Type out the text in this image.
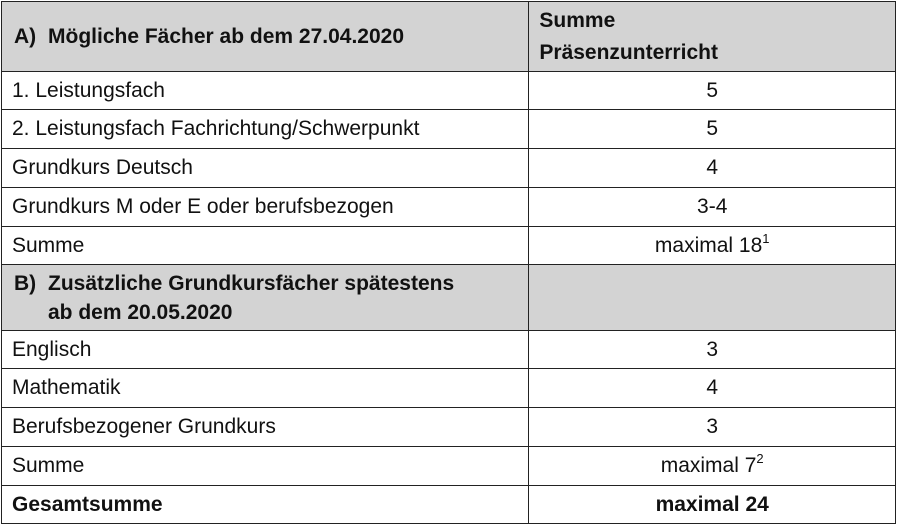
A) Mögliche Fächer ab dem 27.04.2020	Summe
Präsenzunterricht

1. Leistungsfach	5
2. Leistungsfach Fachrichtung/Schwerpunkt	5
Grundkurs Deutsch	4
Grundkurs M oder E oder berufsbezogen	3-4
Summe	maximal $18^1$

B) Zusätzliche Grundkursfächer spätestens
ab dem 20.05.2020	

Englisch	3
Mathematik	4
Berufsbezogener Grundkurs	3
Summe	maximal $7^2$
Gesamtsumme	maximal 24
